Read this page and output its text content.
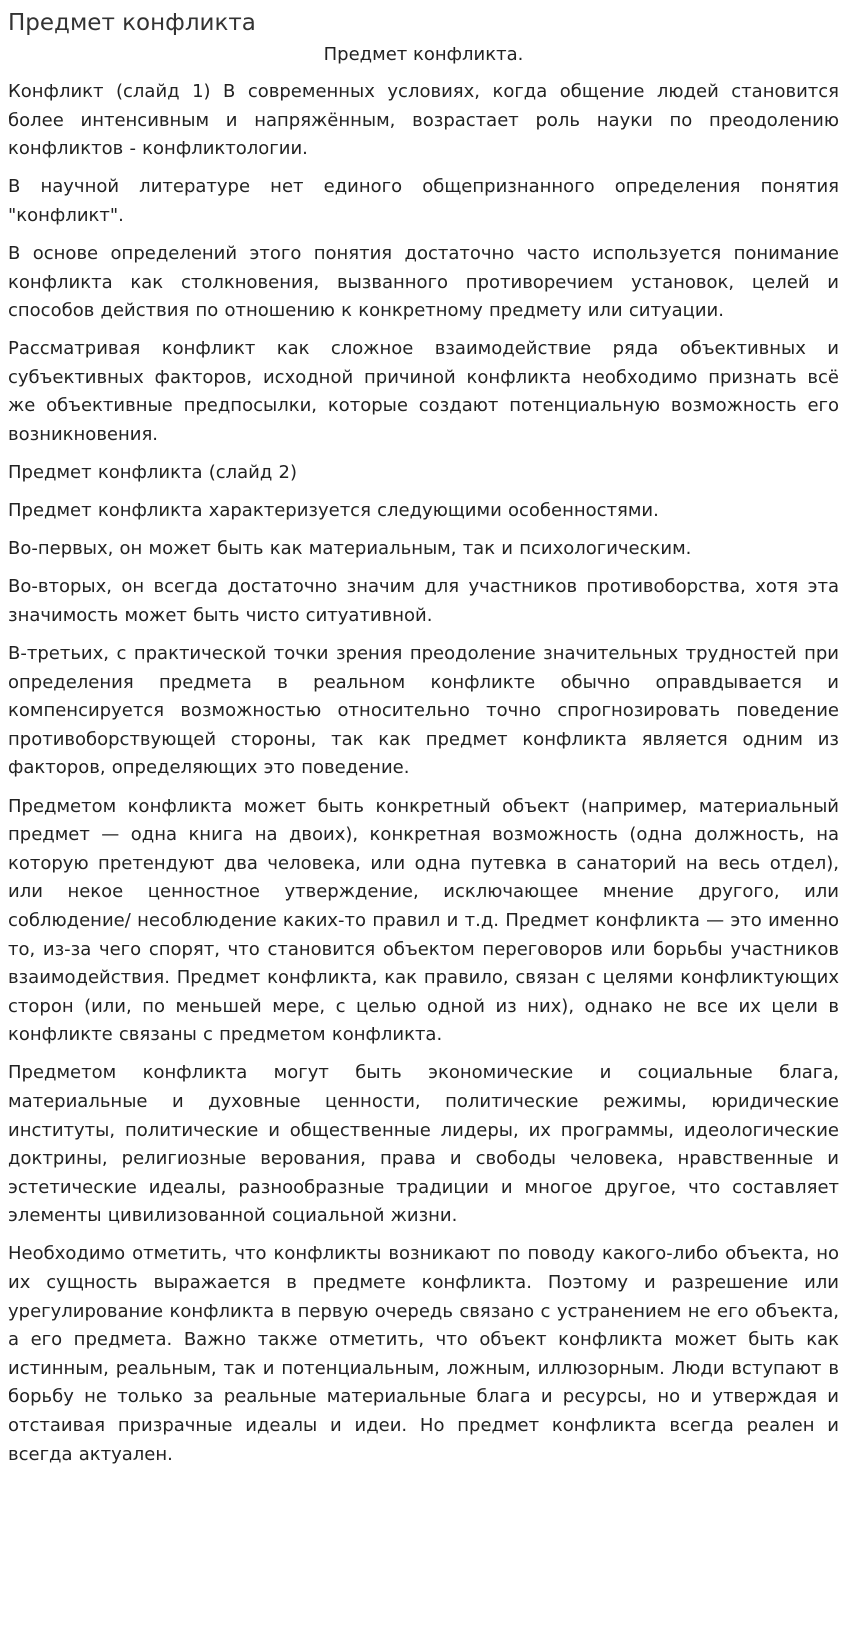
Предмет конфликта

Предмет конфликта.

Конфликт (слайд 1) В современных условиях, когда общение людей становится более интенсивным и напряжённым, возрастает роль науки по преодолению конфликтов - конфликтологии.

В научной литературе нет единого общепризнанного определения понятия "конфликт".

В основе определений этого понятия достаточно часто используется понимание конфликта как столкновения, вызванного противоречием установок, целей и способов действия по отношению к конкретному предмету или ситуации.

Рассматривая конфликт как сложное взаимодействие ряда объективных и субъективных факторов, исходной причиной конфликта необходимо признать всё же объективные предпосылки, которые создают потенциальную возможность его возникновения.

Предмет конфликта (слайд 2)

Предмет конфликта характеризуется следующими особенностями.

Во-первых, он может быть как материальным, так и психологическим.

Во-вторых, он всегда достаточно значим для участников противоборства, хотя эта значимость может быть чисто ситуативной.

В-третьих, с практической точки зрения преодоление значительных трудностей при определения предмета в реальном конфликте обычно оправдывается и компенсируется возможностью относительно точно спрогнозировать поведение противоборствующей стороны, так как предмет конфликта является одним из факторов, определяющих это поведение.

Предметом конфликта может быть конкретный объект (например, материальный предмет — одна книга на двоих), конкретная возможность (одна должность, на которую претендуют два человека, или одна путевка в санаторий на весь отдел), или некое ценностное утверждение, исключающее мнение другого, или соблюдение/ несоблюдение каких-то правил и т.д. Предмет конфликта — это именно то, из-за чего спорят, что становится объектом переговоров или борьбы участников взаимодействия. Предмет конфликта, как правило, связан с целями конфликтующих сторон (или, по меньшей мере, с целью одной из них), однако не все их цели в конфликте связаны с предметом конфликта.

Предметом конфликта могут быть экономические и социальные блага, материальные и духовные ценности, политические режимы, юридические институты, политические и общественные лидеры, их программы, идеологические доктрины, религиозные верования, права и свободы человека, нравственные и эстетические идеалы, разнообразные традиции и многое другое, что составляет элементы цивилизованной социальной жизни.

Необходимо отметить, что конфликты возникают по поводу какого-либо объекта, но их сущность выражается в предмете конфликта. Поэтому и разрешение или урегулирование конфликта в первую очередь связано с устранением не его объекта, а его предмета. Важно также отметить, что объект конфликта может быть как истинным, реальным, так и потенциальным, ложным, иллюзорным. Люди вступают в борьбу не только за реальные материальные блага и ресурсы, но и утверждая и отстаивая призрачные идеалы и идеи. Но предмет конфликта всегда реален и всегда актуален.
